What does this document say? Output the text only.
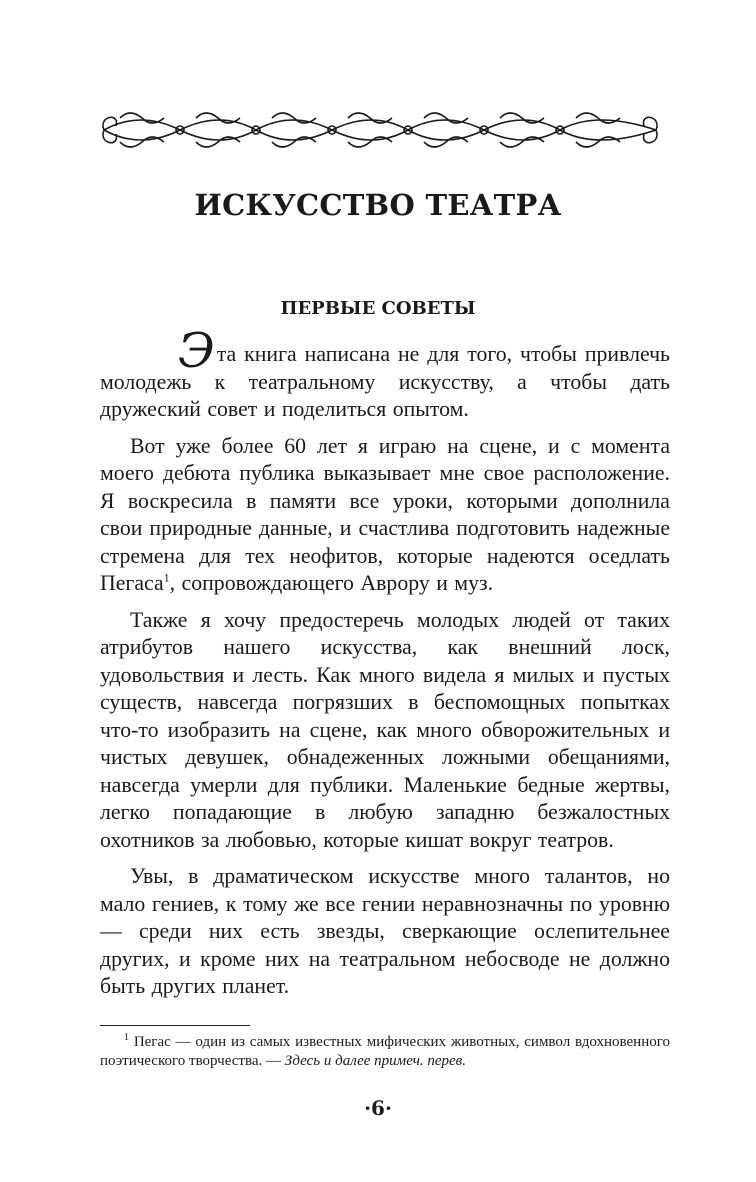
ИСКУССТВО ТЕАТРА
ПЕРВЫЕ СОВЕТЫ

Эта книга написана не для того, чтобы привлечь молодежь к театральному искусству, а чтобы дать дружеский совет и поделиться опытом.

Вот уже более 60 лет я играю на сцене, и с момента моего дебюта публика выказывает мне свое расположение. Я воскресила в памяти все уроки, которыми дополнила свои природные данные, и счастлива подготовить надежные стремена для тех неофитов, которые надеются оседлать Пегаса$^1$, сопровождающего Аврору и муз.

Также я хочу предостеречь молодых людей от таких атрибутов нашего искусства, как внешний лоск, удовольствия и лесть. Как много видела я милых и пустых существ, навсегда погрязших в беспомощных попытках что-то изобразить на сцене, как много обворожительных и чистых девушек, обнадеженных ложными обещаниями, навсегда умерли для публики. Маленькие бедные жертвы, легко попадающие в любую западню безжалостных охотников за любовью, которые кишат вокруг театров.

Увы, в драматическом искусстве много талантов, но мало гениев, к тому же все гении неравнозначны по уровню — среди них есть звезды, сверкающие ослепительнее других, и кроме них на театральном небосводе не должно быть других планет.

$^1$ Пегас — один из самых известных мифических животных, символ вдохновенного поэтического творчества. — Здесь и далее примеч. перев.

·6·
